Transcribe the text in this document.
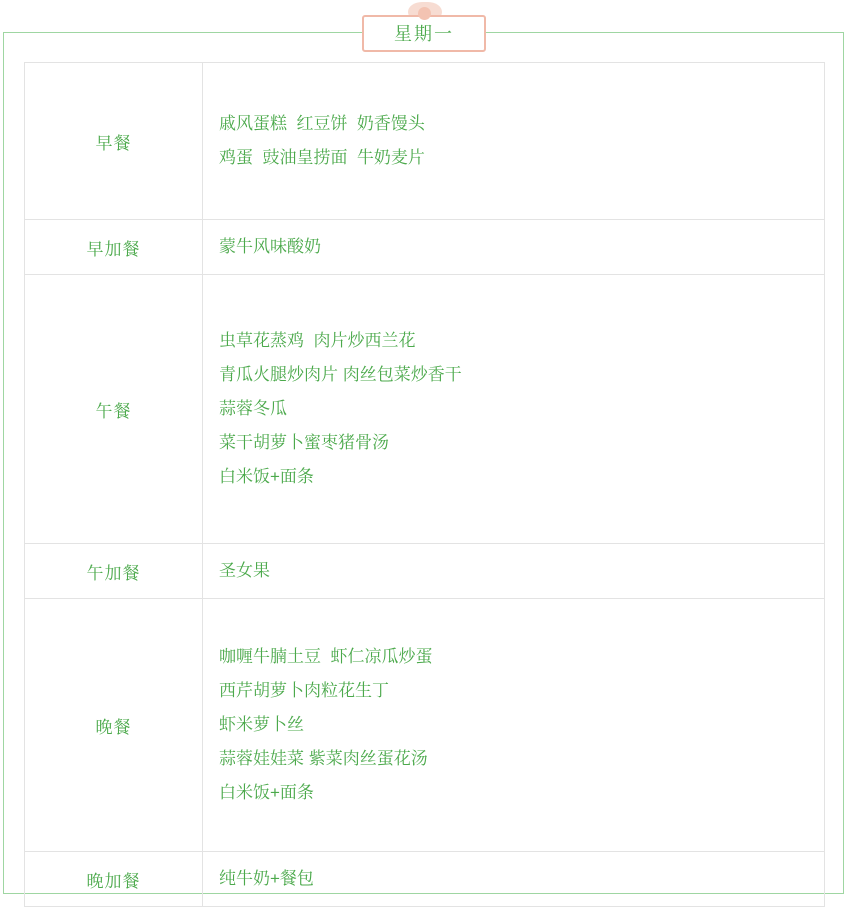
星期一
早餐	戚风蛋糕  红豆饼  奶香馒头
鸡蛋  豉油皇捞面  牛奶麦片

早加餐	蒙牛风味酸奶

午餐	虫草花蒸鸡  肉片炒西兰花
青瓜火腿炒肉片 肉丝包菜炒香干
蒜蓉冬瓜
菜干胡萝卜蜜枣猪骨汤
白米饭+面条

午加餐	圣女果

晚餐	咖喱牛腩土豆  虾仁凉瓜炒蛋
西芹胡萝卜肉粒花生丁
虾米萝卜丝
蒜蓉娃娃菜 紫菜肉丝蛋花汤
白米饭+面条

晚加餐	纯牛奶+餐包
